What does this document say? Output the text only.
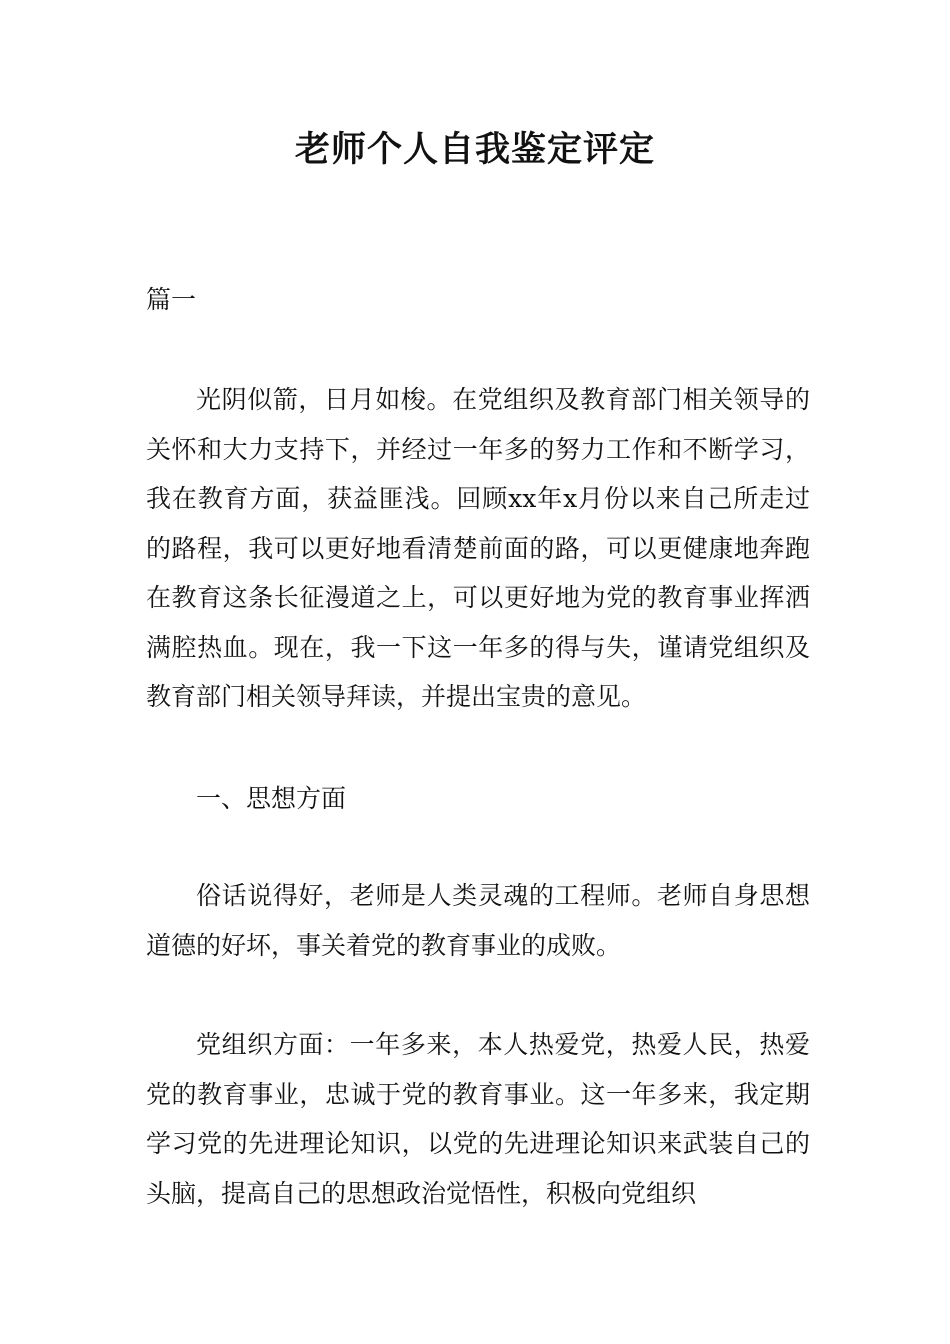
老师个人自我鉴定评定

篇一

光阴似箭，日月如梭。在党组织及教育部门相关领导的关怀和大力支持下，并经过一年多的努力工作和不断学习，我在教育方面，获益匪浅。回顾xx年x月份以来自己所走过的路程，我可以更好地看清楚前面的路，可以更健康地奔跑在教育这条长征漫道之上，可以更好地为党的教育事业挥洒满腔热血。现在，我一下这一年多的得与失，谨请党组织及教育部门相关领导拜读，并提出宝贵的意见。

一、思想方面

俗话说得好，老师是人类灵魂的工程师。老师自身思想道德的好坏，事关着党的教育事业的成败。

党组织方面：一年多来，本人热爱党，热爱人民，热爱党的教育事业，忠诚于党的教育事业。这一年多来，我定期学习党的先进理论知识，以党的先进理论知识来武装自己的头脑，提高自己的思想政治觉悟性，积极向党组织
